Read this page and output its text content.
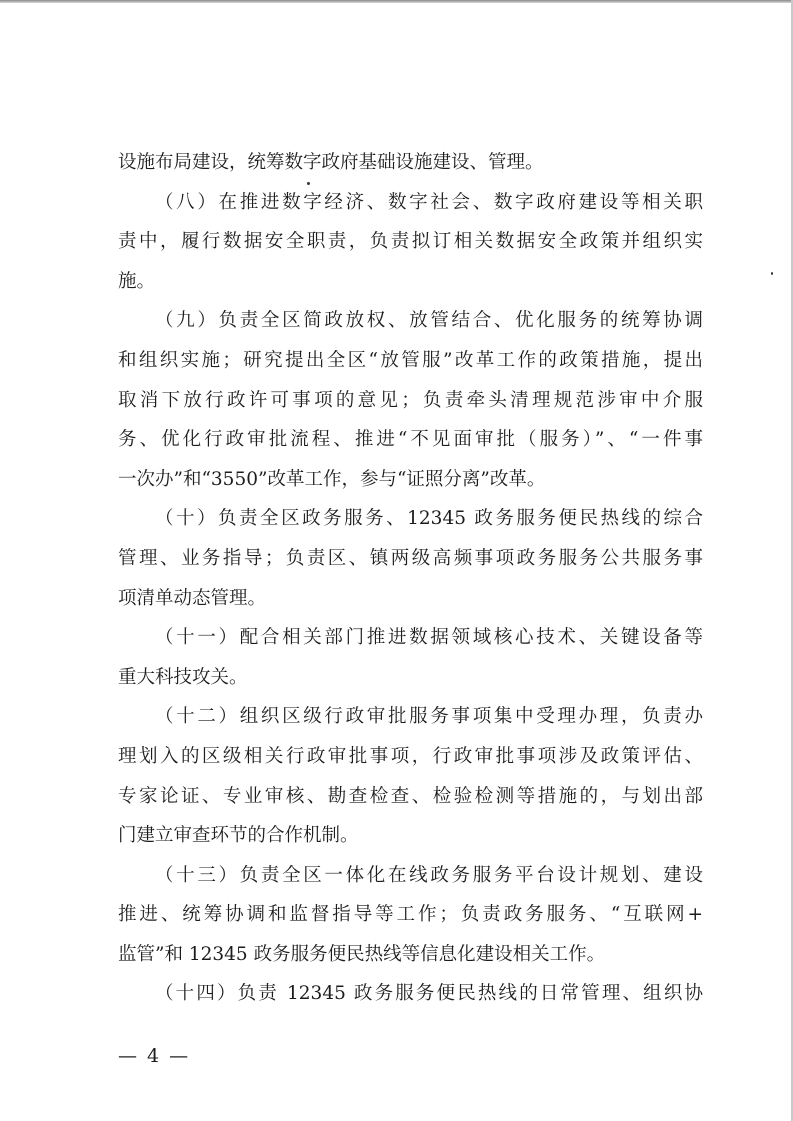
设施布局建设，统筹数字政府基础设施建设、管理。
（八）在推进数字经济、数字社会、数字政府建设等相关职
责中，履行数据安全职责，负责拟订相关数据安全政策并组织实
施。
（九）负责全区简政放权、放管结合、优化服务的统筹协调
和组织实施；研究提出全区“放管服”改革工作的政策措施，提出
取消下放行政许可事项的意见；负责牵头清理规范涉审中介服
务、优化行政审批流程、推进“不见面审批（服务）”、“一件事
一次办”和“3550”改革工作，参与“证照分离”改革。
（十）负责全区政务服务、12345 政务服务便民热线的综合
管理、业务指导；负责区、镇两级高频事项政务服务公共服务事
项清单动态管理。
（十一）配合相关部门推进数据领域核心技术、关键设备等
重大科技攻关。
（十二）组织区级行政审批服务事项集中受理办理，负责办
理划入的区级相关行政审批事项，行政审批事项涉及政策评估、
专家论证、专业审核、勘查检查、检验检测等措施的，与划出部
门建立审查环节的合作机制。
（十三）负责全区一体化在线政务服务平台设计规划、建设
推进、统筹协调和监督指导等工作；负责政务服务、“互联网+
监管”和 12345 政务服务便民热线等信息化建设相关工作。
（十四）负责 12345 政务服务便民热线的日常管理、组织协
— 4 —
